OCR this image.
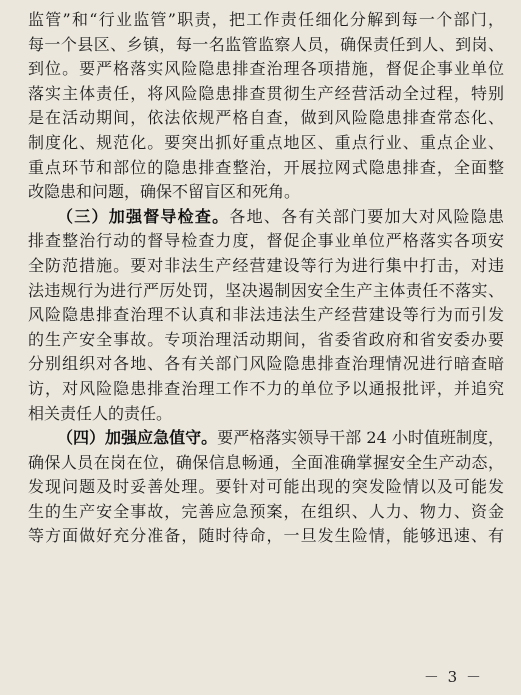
监管”和“行业监管”职责，把工作责任细化分解到每一个部门，
每一个县区、乡镇，每一名监管监察人员，确保责任到人、到岗、
到位。要严格落实风险隐患排查治理各项措施，督促企事业单位
落实主体责任，将风险隐患排查贯彻生产经营活动全过程，特别
是在活动期间，依法依规严格自查，做到风险隐患排查常态化、
制度化、规范化。要突出抓好重点地区、重点行业、重点企业、
重点环节和部位的隐患排查整治，开展拉网式隐患排查，全面整
改隐患和问题，确保不留盲区和死角。
（三）加强督导检查。各地、各有关部门要加大对风险隐患
排查整治行动的督导检查力度，督促企事业单位严格落实各项安
全防范措施。要对非法生产经营建设等行为进行集中打击，对违
法违规行为进行严厉处罚，坚决遏制因安全生产主体责任不落实、
风险隐患排查治理不认真和非法违法生产经营建设等行为而引发
的生产安全事故。专项治理活动期间，省委省政府和省安委办要
分别组织对各地、各有关部门风险隐患排查治理情况进行暗查暗
访，对风险隐患排查治理工作不力的单位予以通报批评，并追究
相关责任人的责任。
（四）加强应急值守。要严格落实领导干部 24 小时值班制度，
确保人员在岗在位，确保信息畅通，全面准确掌握安全生产动态，
发现问题及时妥善处理。要针对可能出现的突发险情以及可能发
生的生产安全事故，完善应急预案，在组织、人力、物力、资金
等方面做好充分准备，随时待命，一旦发生险情，能够迅速、有
－ 3 －
